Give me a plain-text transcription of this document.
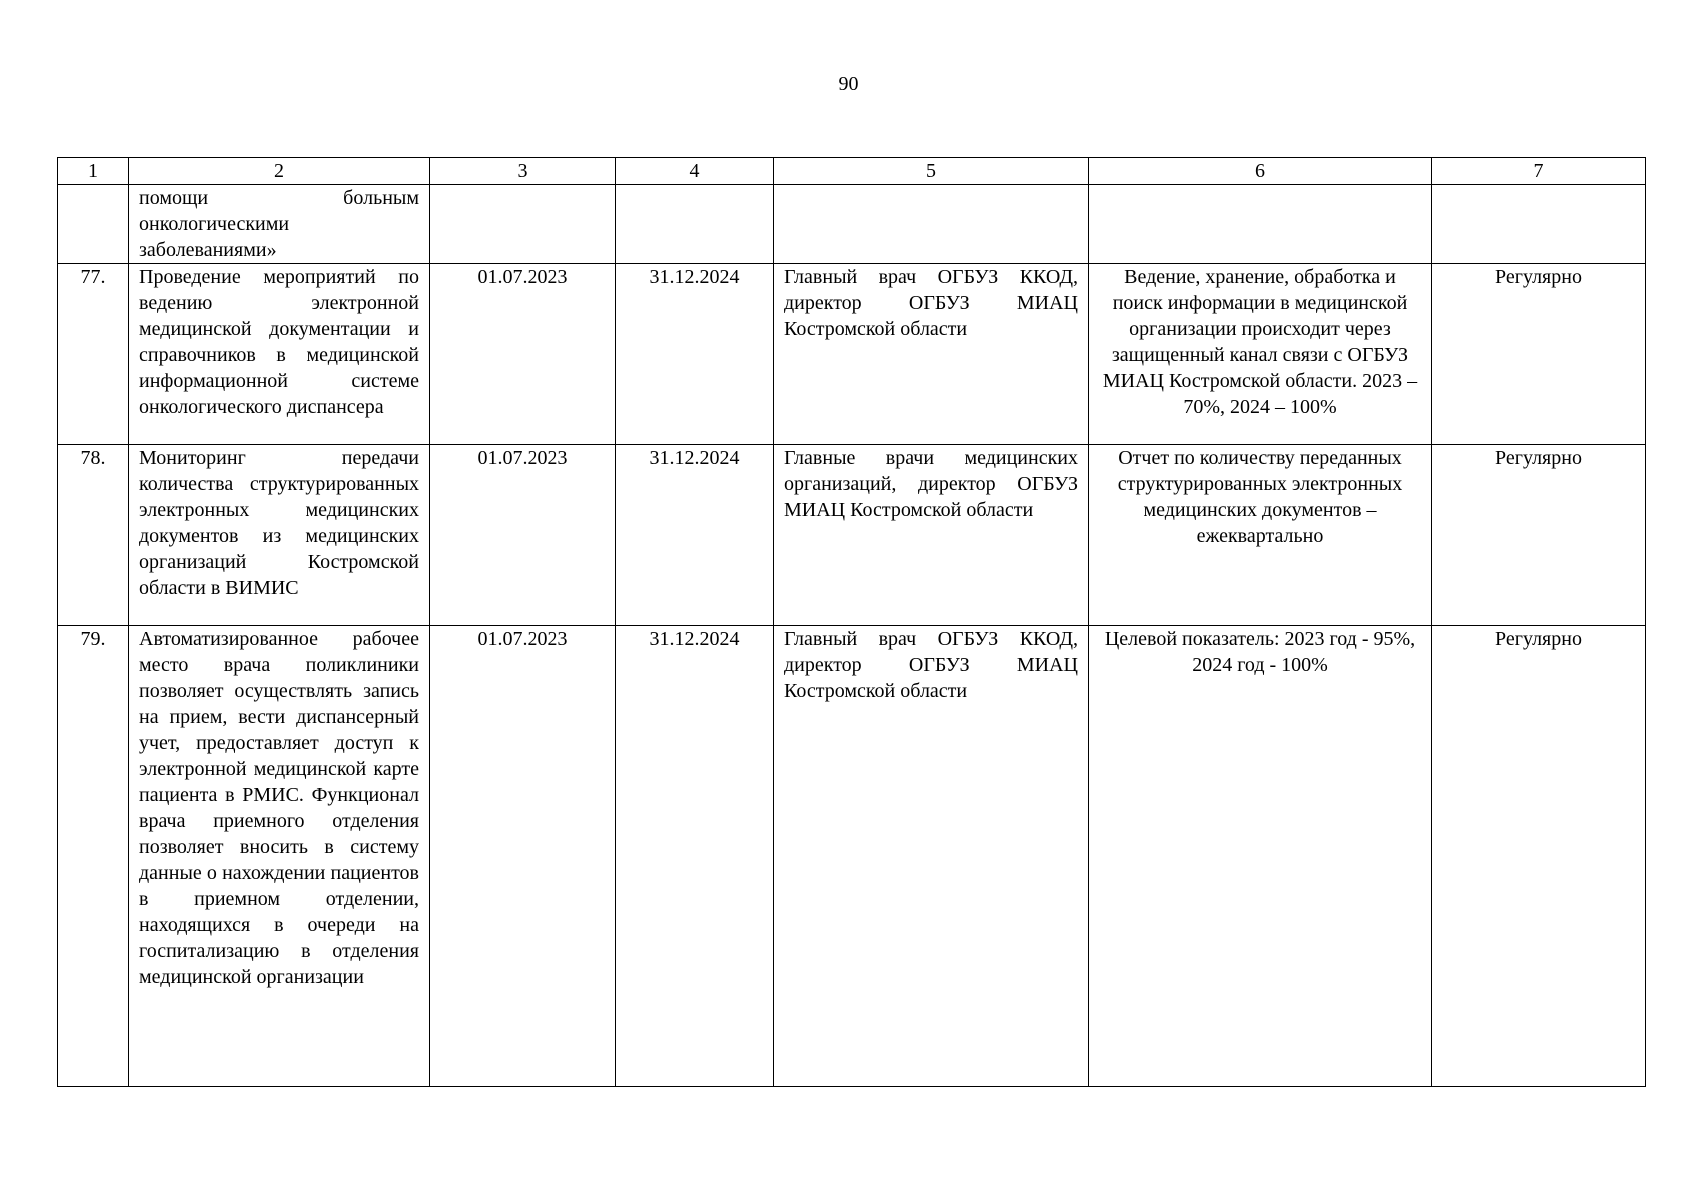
90
1	2	3	4	5	6	7
	помощи больным онкологическими заболеваниями»					
77.	Проведение мероприятий по ведению электронной медицинской документации и справочников в медицинской информационной системе онкологического диспансера	01.07.2023	31.12.2024	Главный врач ОГБУЗ ККОД, директор ОГБУЗ МИАЦ Костромской области	Ведение, хранение, обработка и поиск информации в медицинской организации происходит через защищенный канал связи с ОГБУЗ МИАЦ Костромской области. 2023 – 70%, 2024 – 100%	Регулярно
78.	Мониторинг передачи количества структурированных электронных медицинских документов из медицинских организаций Костромской области в ВИМИС	01.07.2023	31.12.2024	Главные врачи медицинских организаций, директор ОГБУЗ МИАЦ Костромской области	Отчет по количеству переданных структурированных электронных медицинских документов – ежеквартально	Регулярно
79.	Автоматизированное рабочее место врача поликлиники позволяет осуществлять запись на прием, вести диспансерный учет, предоставляет доступ к электронной медицинской карте пациента в РМИС. Функционал врача приемного отделения позволяет вносить в систему данные о нахождении пациентов в приемном отделении, находящихся в очереди на госпитализацию в отделения медицинской организации	01.07.2023	31.12.2024	Главный врач ОГБУЗ ККОД, директор ОГБУЗ МИАЦ Костромской области	Целевой показатель: 2023 год - 95%, 2024 год - 100%	Регулярно
